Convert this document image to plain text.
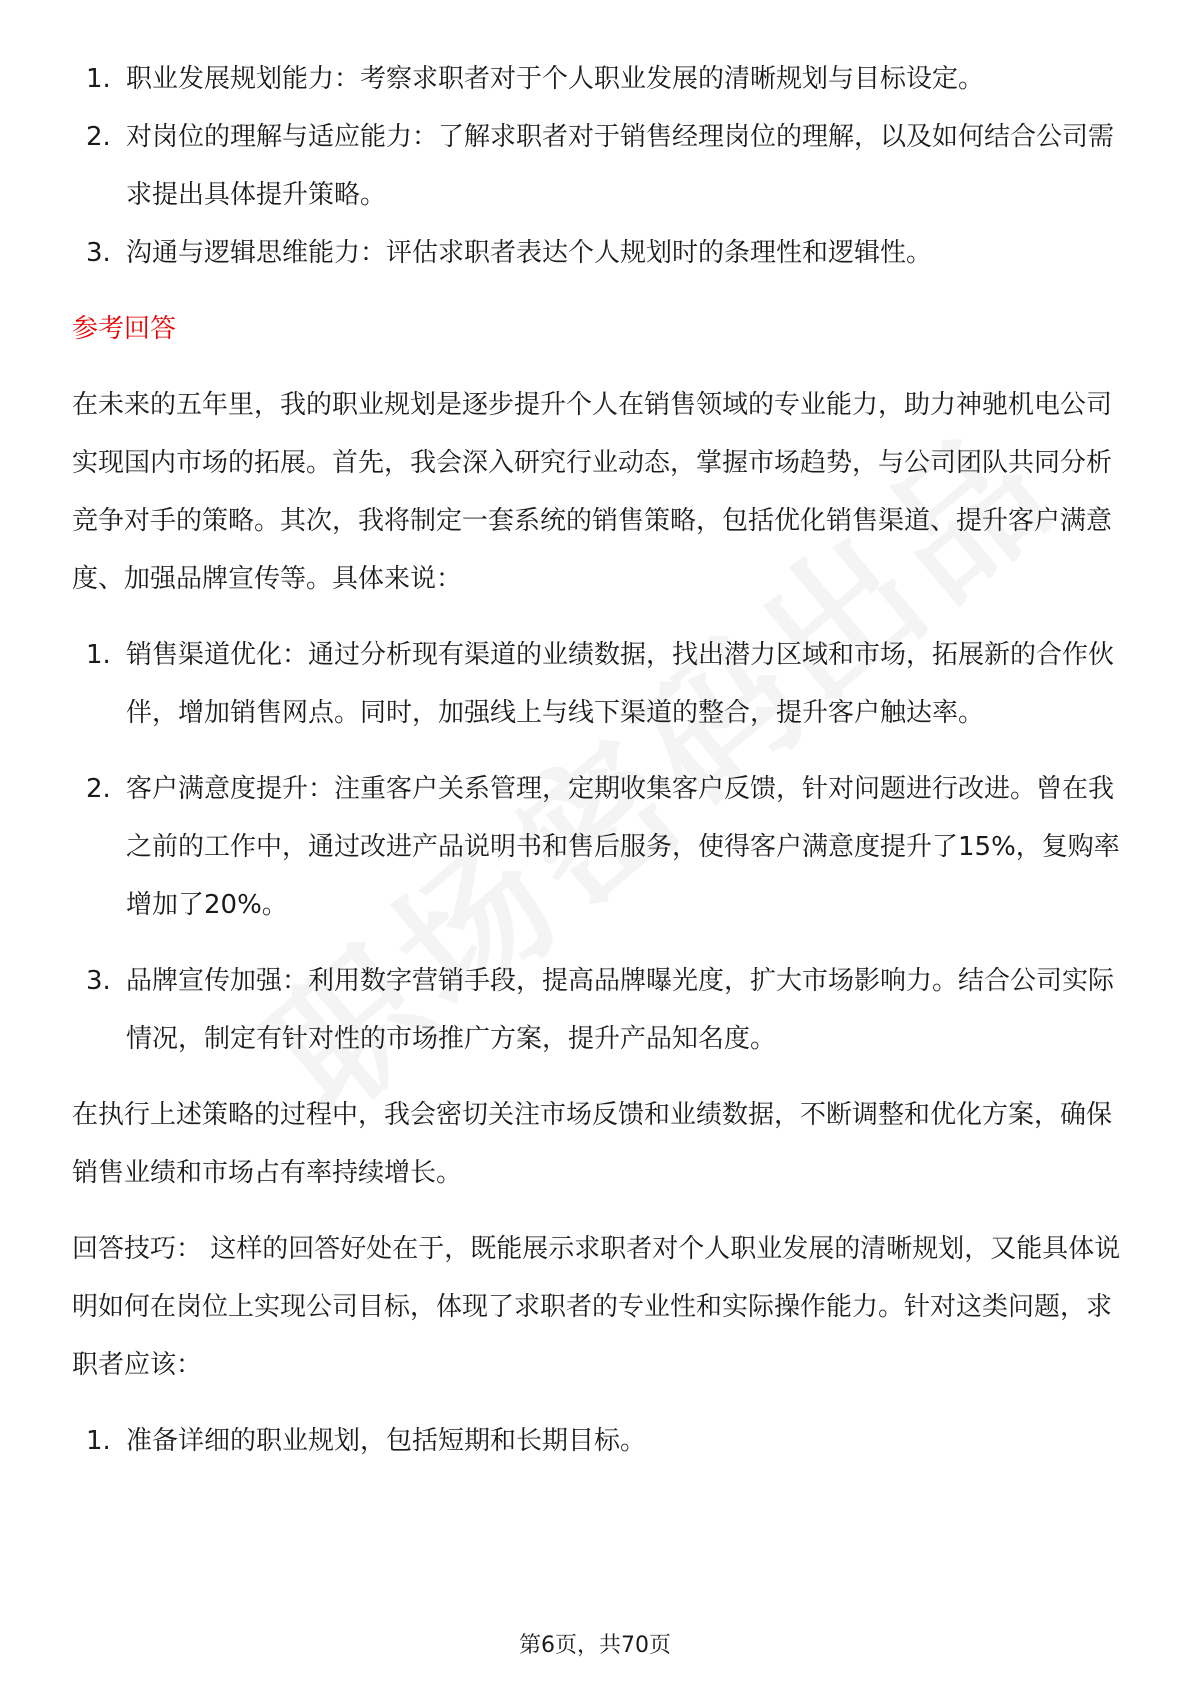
1. 职业发展规划能力：考察求职者对于个人职业发展的清晰规划与目标设定。
2. 对岗位的理解与适应能力：了解求职者对于销售经理岗位的理解，以及如何结合公司需求提出具体提升策略。
3. 沟通与逻辑思维能力：评估求职者表达个人规划时的条理性和逻辑性。
参考回答

在未来的五年里，我的职业规划是逐步提升个人在销售领域的专业能力，助力神驰机电公司实现国内市场的拓展。首先，我会深入研究行业动态，掌握市场趋势，与公司团队共同分析竞争对手的策略。其次，我将制定一套系统的销售策略，包括优化销售渠道、提升客户满意度、加强品牌宣传等。具体来说：

1. 销售渠道优化：通过分析现有渠道的业绩数据，找出潜力区域和市场，拓展新的合作伙伴，增加销售网点。同时，加强线上与线下渠道的整合，提升客户触达率。
2. 客户满意度提升：注重客户关系管理，定期收集客户反馈，针对问题进行改进。曾在我之前的工作中，通过改进产品说明书和售后服务，使得客户满意度提升了15%，复购率增加了20%。
3. 品牌宣传加强：利用数字营销手段，提高品牌曝光度，扩大市场影响力。结合公司实际情况，制定有针对性的市场推广方案，提升产品知名度。

在执行上述策略的过程中，我会密切关注市场反馈和业绩数据，不断调整和优化方案，确保销售业绩和市场占有率持续增长。

回答技巧： 这样的回答好处在于，既能展示求职者对个人职业发展的清晰规划，又能具体说明如何在岗位上实现公司目标，体现了求职者的专业性和实际操作能力。针对这类问题，求职者应该：

1. 准备详细的职业规划，包括短期和长期目标。
第6页，共70页
